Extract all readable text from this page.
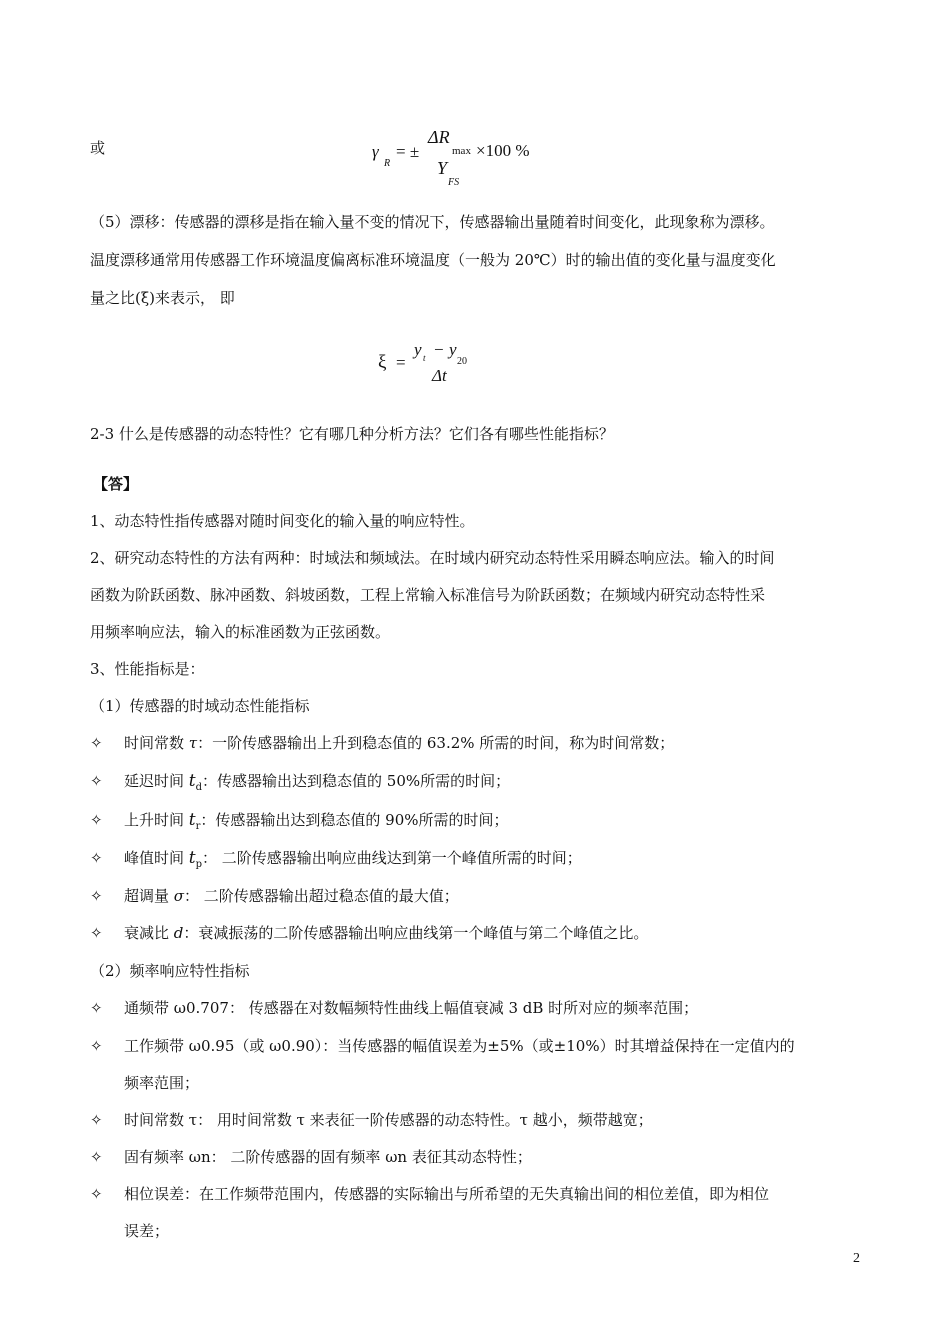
或	γ
R
= ±
ΔR
max ×100 %
Y
FS
（5）漂移：传感器的漂移是指在输入量不变的情况下，传感器输出量随着时间变化，此现象称为漂移。
温度漂移通常用传感器工作环境温度偏离标准环境温度（一般为 20℃）时的输出值的变化量与温度变化
量之比(ξ)来表示， 即
ξ =
y t − y
20
Δt
2-3 什么是传感器的动态特性？它有哪几种分析方法？它们各有哪些性能指标？
【答】
1、动态特性指传感器对随时间变化的输入量的响应特性。
2、研究动态特性的方法有两种：时域法和频域法。在时域内研究动态特性采用瞬态响应法。输入的时间
函数为阶跃函数、脉冲函数、斜坡函数，工程上常输入标准信号为阶跃函数；在频域内研究动态特性采
用频率响应法，输入的标准函数为正弦函数。
3、性能指标是：
（1）传感器的时域动态性能指标
✧ 时间常数 τ：一阶传感器输出上升到稳态值的 63.2% 所需的时间，称为时间常数；
✧ 延迟时间 $t_d$：传感器输出达到稳态值的 50%所需的时间；
✧ 上升时间 $t_r$：传感器输出达到稳态值的 90%所需的时间；
✧ 峰值时间 $t_p$： 二阶传感器输出响应曲线达到第一个峰值所需的时间；
✧ 超调量 σ： 二阶传感器输出超过稳态值的最大值；
✧ 衰减比 d：衰减振荡的二阶传感器输出响应曲线第一个峰值与第二个峰值之比。
（2）频率响应特性指标
✧ 通频带 ω0.707： 传感器在对数幅频特性曲线上幅值衰减 3 dB 时所对应的频率范围；
✧ 工作频带 ω0.95（或 ω0.90）：当传感器的幅值误差为±5%（或±10%）时其增益保持在一定值内的
频率范围；
✧ 时间常数 τ： 用时间常数 τ 来表征一阶传感器的动态特性。τ 越小，频带越宽；
✧ 固有频率 ωn： 二阶传感器的固有频率 ωn 表征其动态特性；
✧ 相位误差：在工作频带范围内，传感器的实际输出与所希望的无失真输出间的相位差值，即为相位
误差；
2
